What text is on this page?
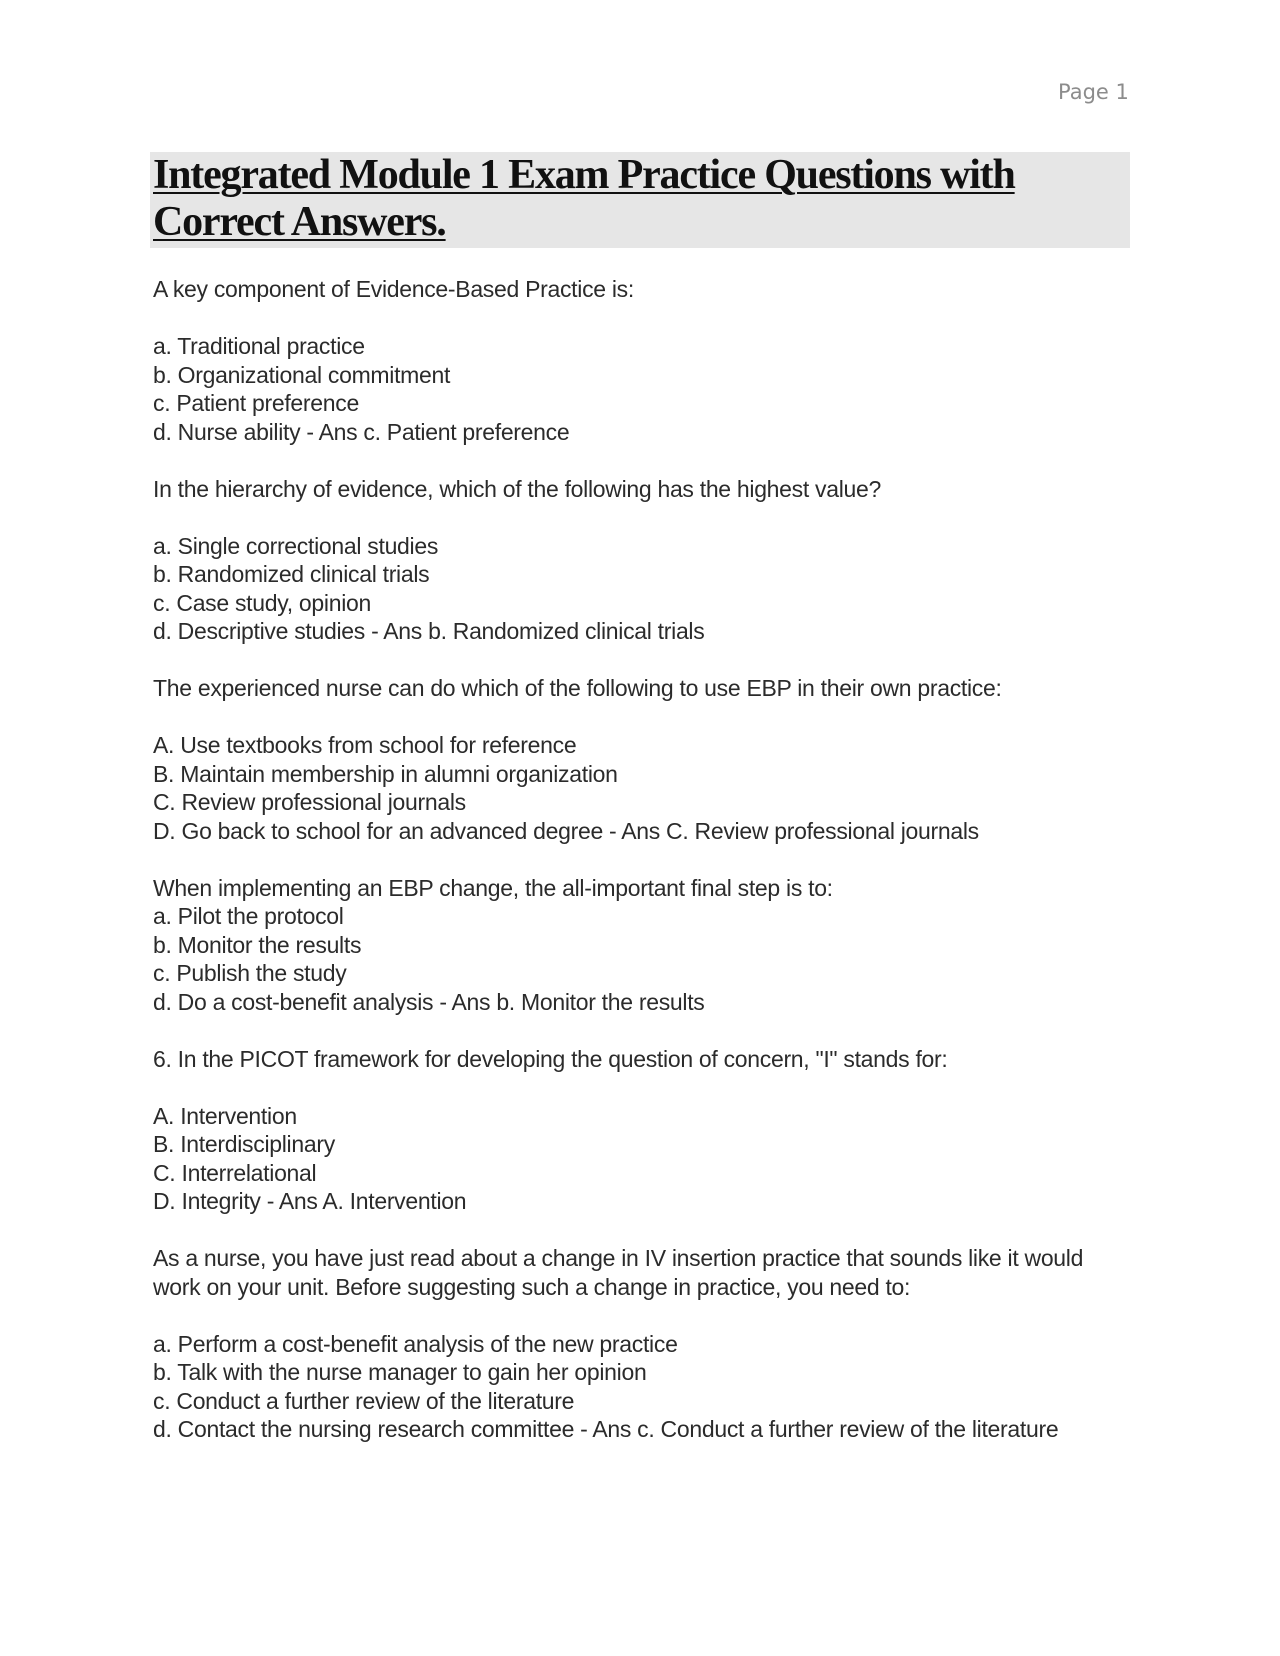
Page 1
Integrated Module 1 Exam Practice Questions with Correct Answers.

A key component of Evidence-Based Practice is:

a. Traditional practice
b. Organizational commitment
c. Patient preference
d. Nurse ability - Ans c. Patient preference

In the hierarchy of evidence, which of the following has the highest value?

a. Single correctional studies
b. Randomized clinical trials
c. Case study, opinion
d. Descriptive studies - Ans b. Randomized clinical trials

The experienced nurse can do which of the following to use EBP in their own practice:

A. Use textbooks from school for reference
B. Maintain membership in alumni organization
C. Review professional journals
D. Go back to school for an advanced degree - Ans C. Review professional journals

When implementing an EBP change, the all-important final step is to:

a. Pilot the protocol
b. Monitor the results
c. Publish the study
d. Do a cost-benefit analysis - Ans b. Monitor the results

6. In the PICOT framework for developing the question of concern, "I" stands for:

A. Intervention
B. Interdisciplinary
C. Interrelational
D. Integrity - Ans A. Intervention

As a nurse, you have just read about a change in IV insertion practice that sounds like it would work on your unit. Before suggesting such a change in practice, you need to:

a. Perform a cost-benefit analysis of the new practice
b. Talk with the nurse manager to gain her opinion
c. Conduct a further review of the literature
d. Contact the nursing research committee - Ans c. Conduct a further review of the literature
